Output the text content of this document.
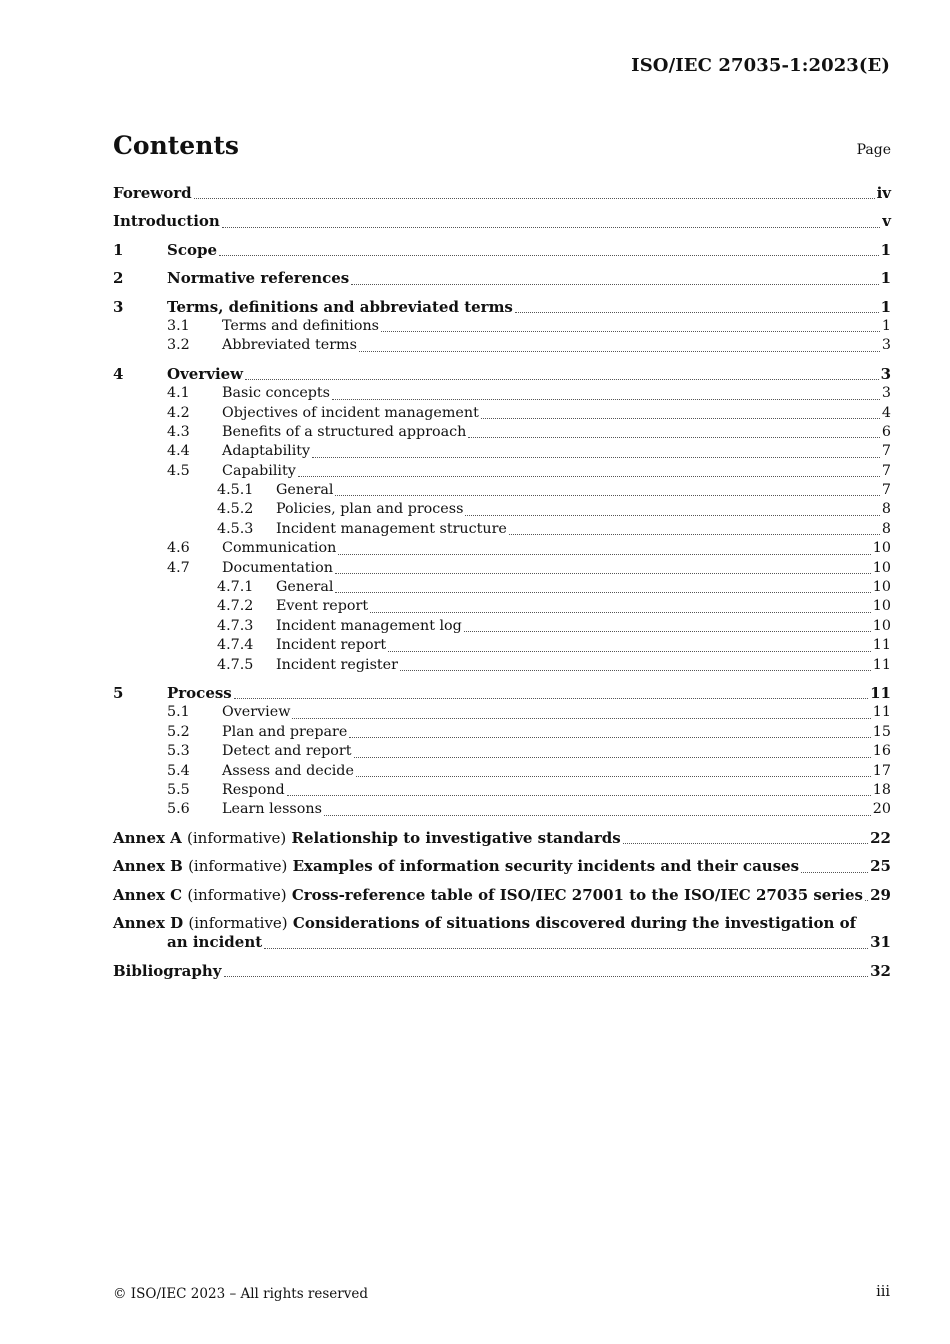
ISO/IEC 27035-1:2023(E)
Contents	Page
Foreword	iv
Introduction	v
1	Scope	1
2	Normative references	1
3	Terms, definitions and abbreviated terms	1
3.1 Terms and definitions	1
3.2 Abbreviated terms	3
4	Overview	3
4.1 Basic concepts	3
4.2 Objectives of incident management	4
4.3 Benefits of a structured approach	6
4.4 Adaptability	7
4.5 Capability	7
4.5.1 General	7
4.5.2 Policies, plan and process	8
4.5.3 Incident management structure	8
4.6 Communication	10
4.7 Documentation	10
4.7.1 General	10
4.7.2 Event report	10
4.7.3 Incident management log	10
4.7.4 Incident report	11
4.7.5 Incident register	11
5	Process	11
5.1 Overview	11
5.2 Plan and prepare	15
5.3 Detect and report	16
5.4 Assess and decide	17
5.5 Respond	18
5.6 Learn lessons	20
Annex A (informative) Relationship to investigative standards	22
Annex B (informative) Examples of information security incidents and their causes	25
Annex C (informative) Cross-reference table of ISO/IEC 27001 to the ISO/IEC 27035 series 29
Annex D (informative) Considerations of situations discovered during the investigation of
an incident	31
Bibliography	32
© ISO/IEC 2023 – All rights reserved	iii
